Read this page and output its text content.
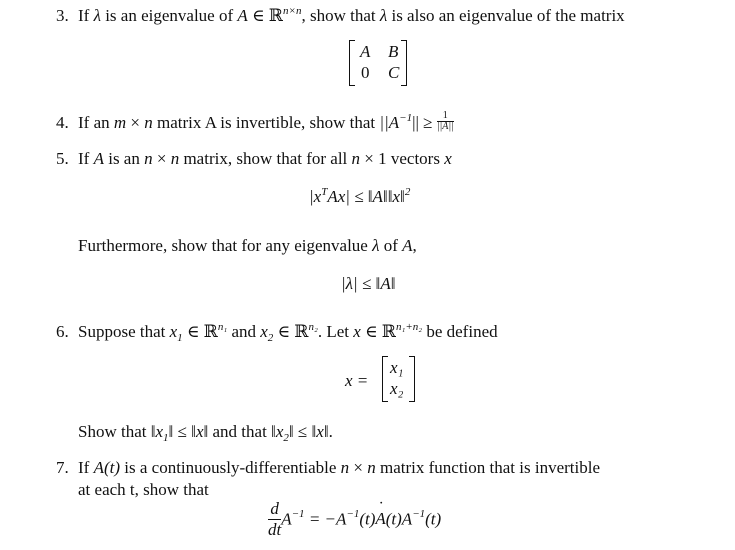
3. If λ is an eigenvalue of A ∈ ℝ$^{n\times n}$, show that λ is also an eigenvalue of the matrix
A B
0 C
4. If an m × n matrix A is invertible, show that $||A^{-1}|| \ge \frac{1}{||A||}$
5. If A is an n × n matrix, show that for all n × 1 vectors x
$|x^TAx|$ ≤ ‖A‖‖x‖$^2$
Furthermore, show that for any eigenvalue λ of A,
|λ| ≤ ‖A‖
6. Suppose that $x_1$ ∈ ℝ$^{n_1}$ and $x_2$ ∈ ℝ$^{n_2}$. Let x ∈ ℝ$^{n_1+n_2}$ be defined
x =
x₁
x₂
Show that $‖x_1‖$ ≤ ‖x‖ and that $‖x_2‖$ ≤ ‖x‖.
7. If A(t) is a continuously-differentiable n × n matrix function that is invertible
at each t, show that
$\frac{d}{dt} A^{-1}$ = $-A^{-1}(t)˙$ $A(t)A^{-1}(t)$
